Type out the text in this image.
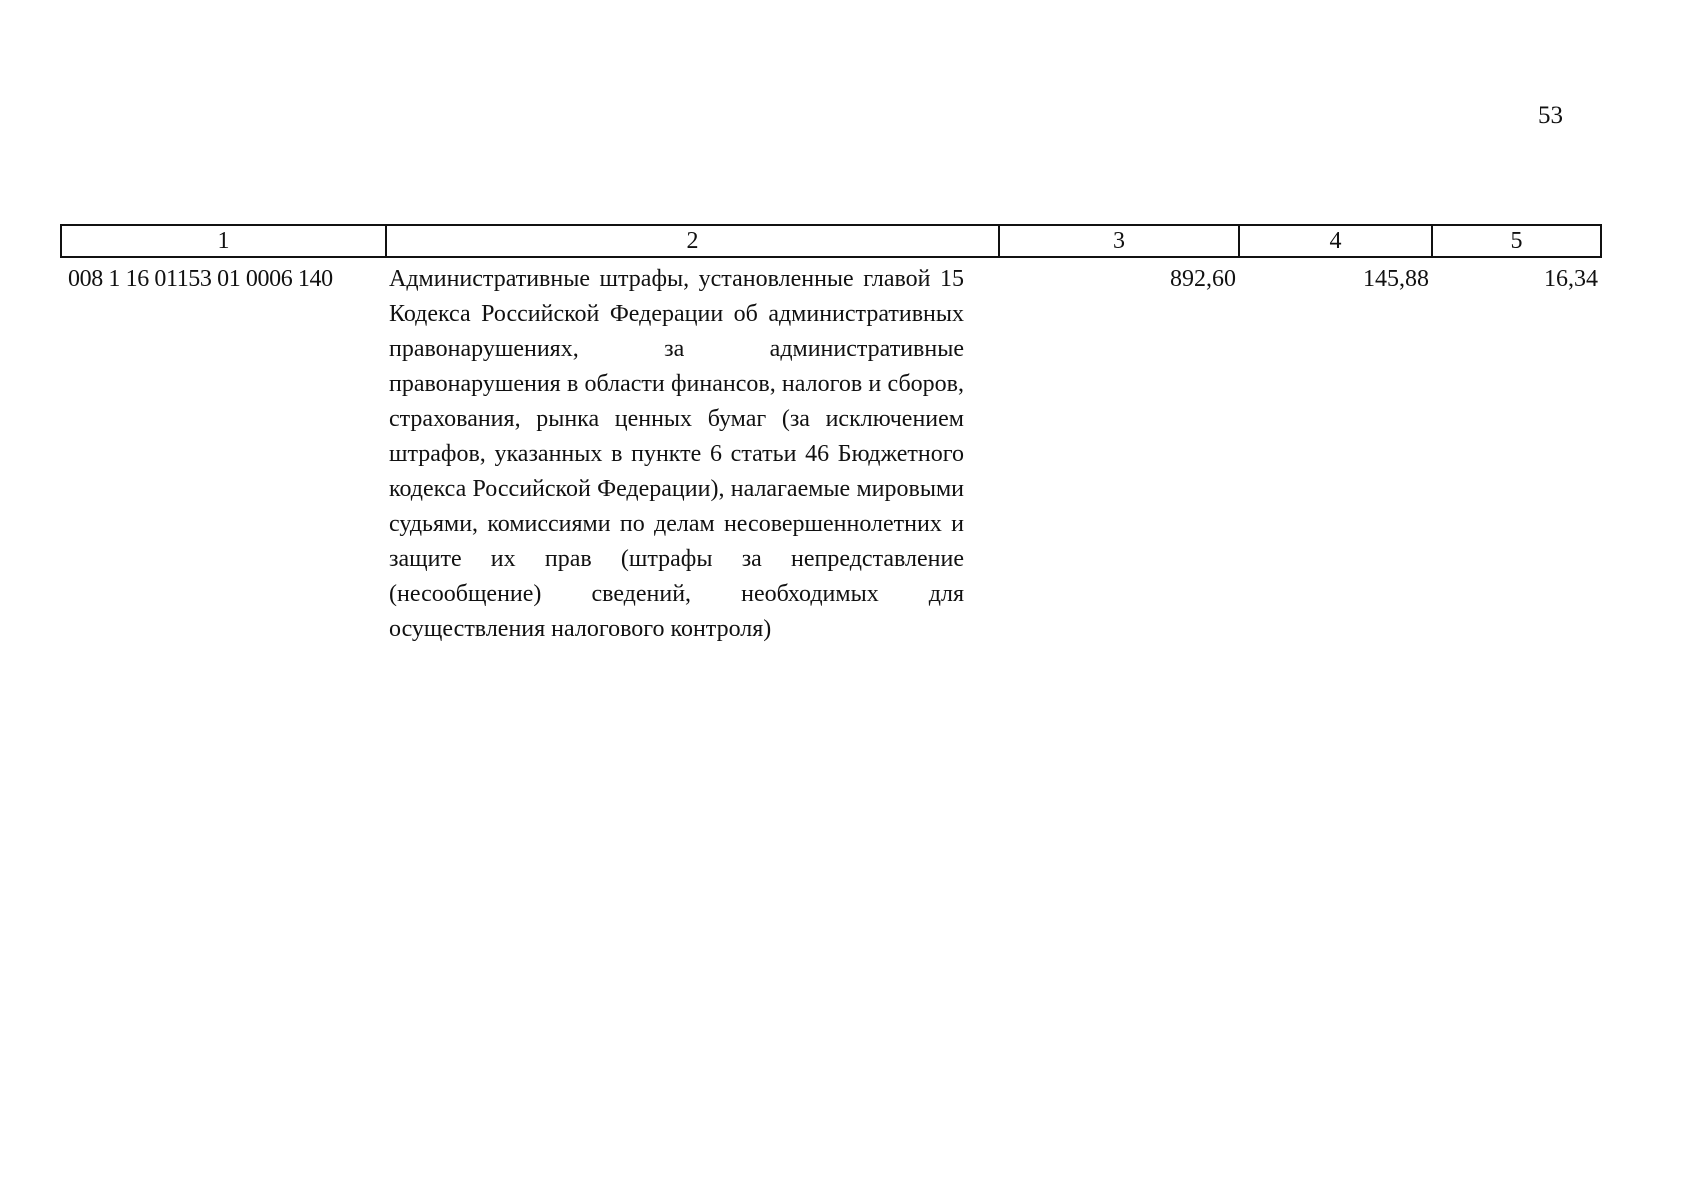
53
1	2	3	4	5
008 1 16 01153 01 0006 140	Административные штрафы, установленные главой 15 Кодекса Российской Федерации об административных правонарушениях, за административные правонарушения в области финансов, налогов и сборов, страхования, рынка ценных бумаг (за исключением штрафов, указанных в пункте 6 статьи 46 Бюджетного кодекса Российской Федерации), налагаемые мировыми судьями, комиссиями по делам несовершеннолетних и защите их прав (штрафы за непредставление (несообщение) сведений, необходимых для осуществления налогового контроля)	892,60	145,88	16,34
